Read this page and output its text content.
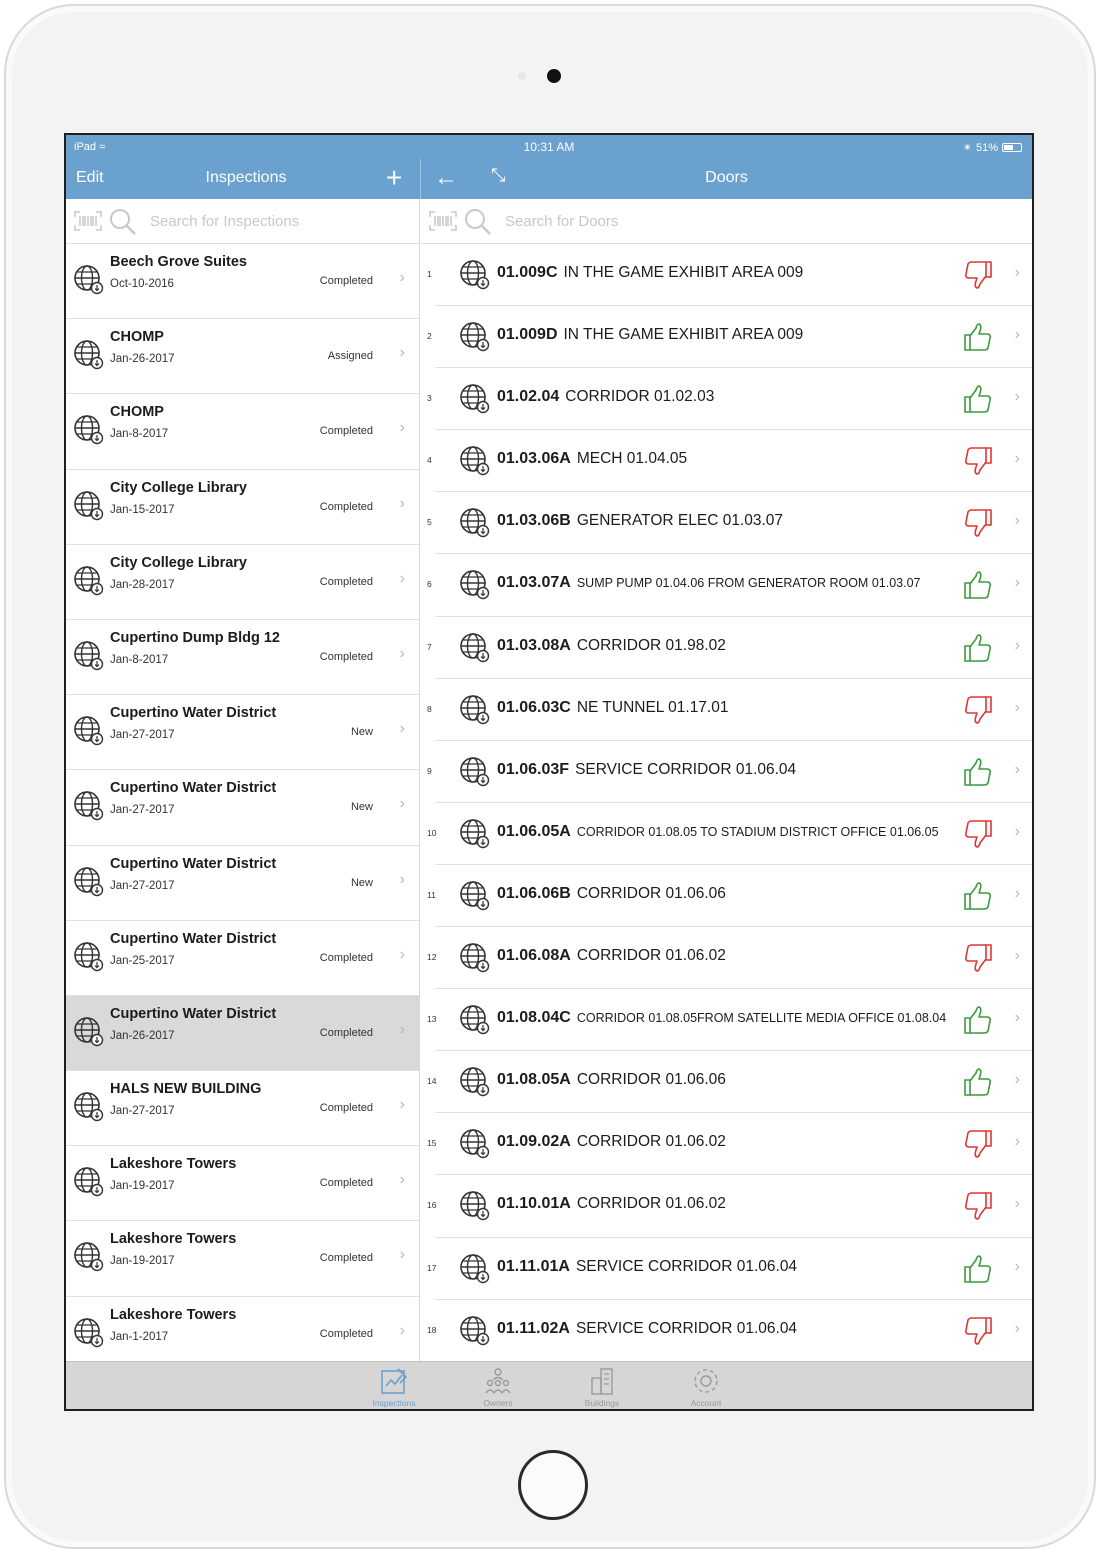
iPad ≈	10:31 AM	✴ 51%
Edit	Inspections	+ ← ⤡	Doors
Search for Inspections
Beech Grove Suites
Oct-10-2016	Completed ›
CHOMP
Jan-26-2017	Assigned ›
CHOMP
Jan-8-2017	Completed ›
City College Library
Jan-15-2017	Completed ›
City College Library
Jan-28-2017	Completed ›
Cupertino Dump Bldg 12
Jan-8-2017	Completed ›
Cupertino Water District
Jan-27-2017	New ›
Cupertino Water District
Jan-27-2017	New ›
Cupertino Water District
Jan-27-2017	New ›
Cupertino Water District
Jan-25-2017	Completed ›
Cupertino Water District
Jan-26-2017	Completed ›
HALS NEW BUILDING
Jan-27-2017	Completed ›
Lakeshore Towers
Jan-19-2017	Completed ›
Lakeshore Towers
Jan-19-2017	Completed ›
Lakeshore Towers
Jan-1-2017	Completed ›
Search for Doors
1	01.009C IN THE GAME EXHIBIT AREA 009	›
2	01.009D IN THE GAME EXHIBIT AREA 009	›
3	01.02.04 CORRIDOR 01.02.03	›
4	01.03.06A MECH 01.04.05	›
5	01.03.06B GENERATOR ELEC 01.03.07	›
6	01.03.07A SUMP PUMP 01.04.06 FROM GENERATOR ROOM 01.03.07	›
7	01.03.08A CORRIDOR 01.98.02	›
8	01.06.03C NE TUNNEL 01.17.01	›
9	01.06.03F SERVICE CORRIDOR 01.06.04	›
10	01.06.05A CORRIDOR 01.08.05 TO STADIUM DISTRICT OFFICE 01.06.05	›
11	01.06.06B CORRIDOR 01.06.06	›
12	01.06.08A CORRIDOR 01.06.02	›
13	01.08.04C CORRIDOR 01.08.05FROM SATELLITE MEDIA OFFICE 01.08.04	›
14	01.08.05A CORRIDOR 01.06.06	›
15	01.09.02A CORRIDOR 01.06.02	›
16	01.10.01A CORRIDOR 01.06.02	›
17	01.11.01A SERVICE CORRIDOR 01.06.04	›
18	01.11.02A SERVICE CORRIDOR 01.06.04	›
Inspections	Owners	Buildings	Account
